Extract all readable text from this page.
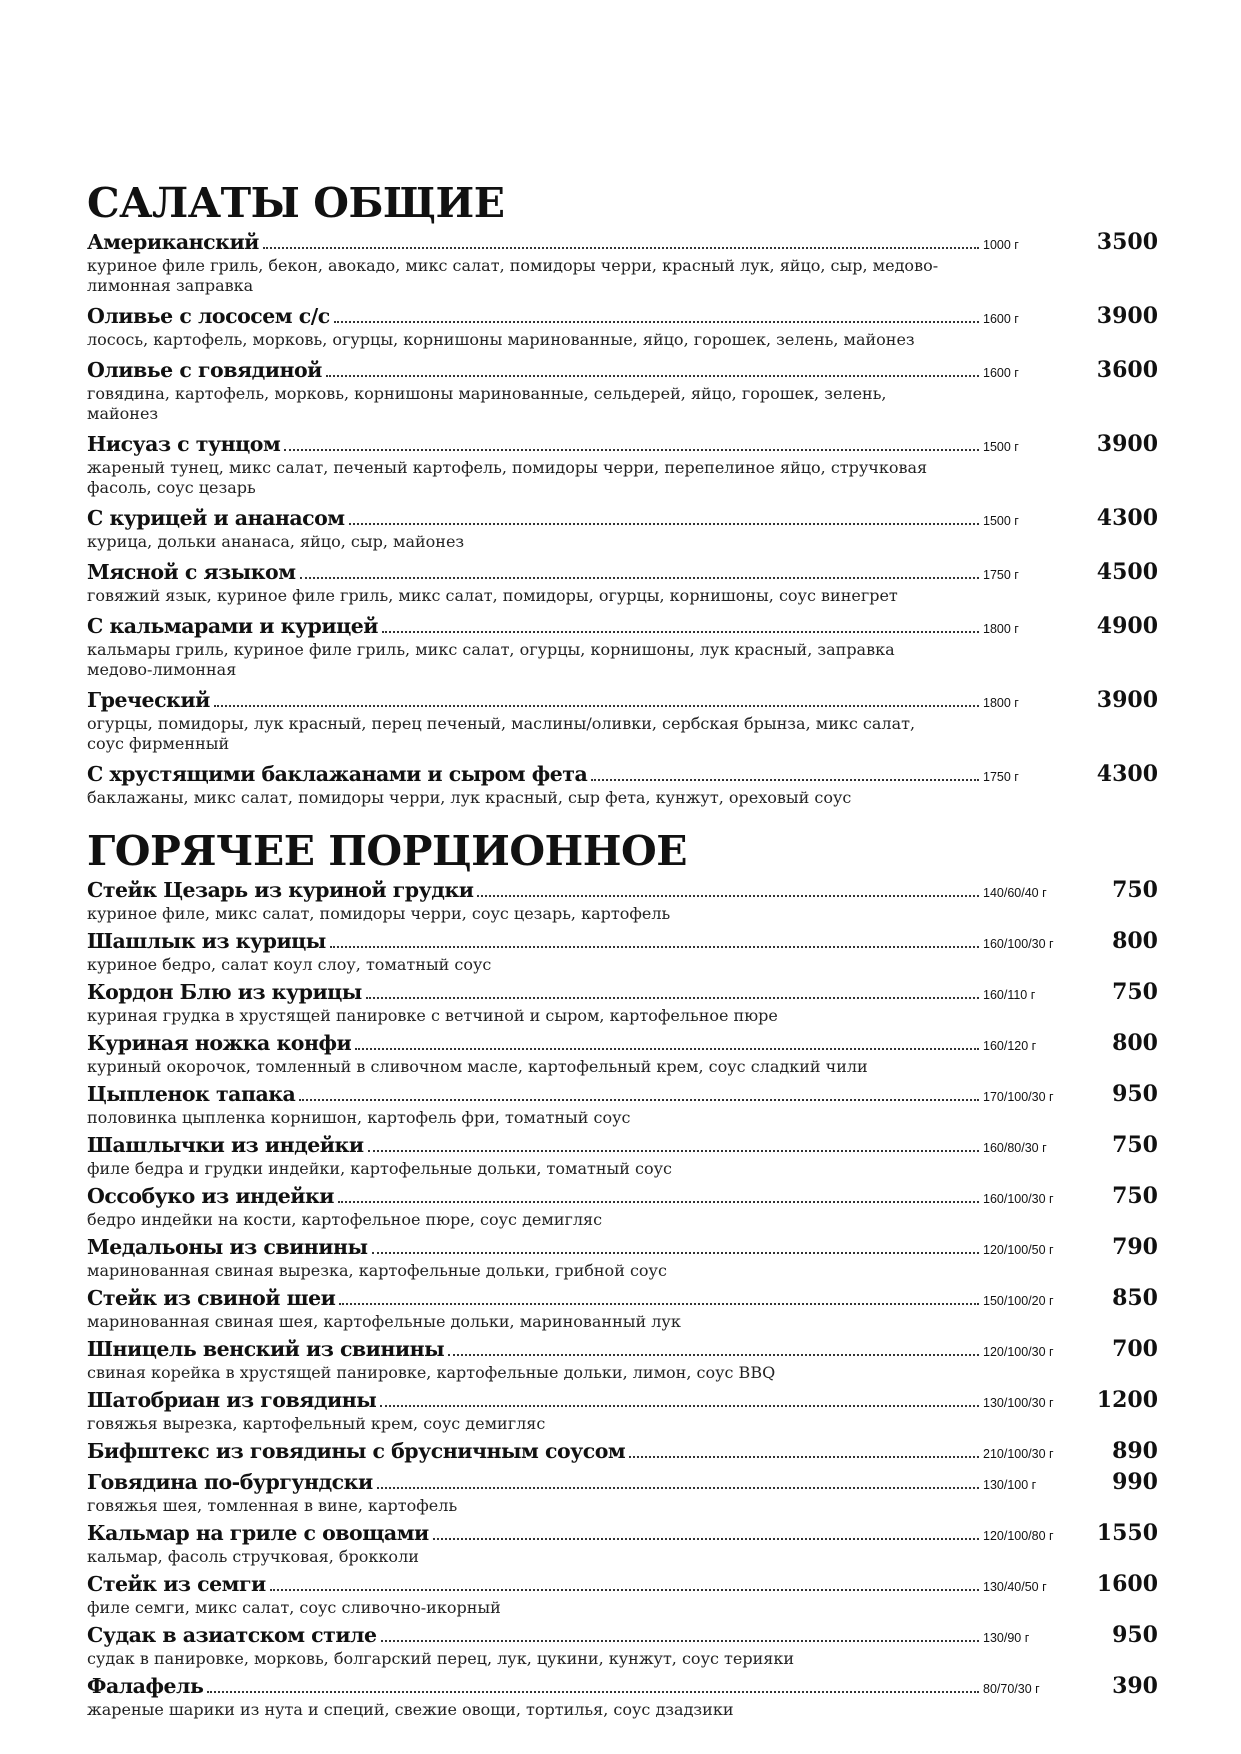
САЛАТЫ ОБЩИЕ
Американский	1000 г	3500
куриное филе гриль, бекон, авокадо, микс салат, помидоры черри, красный лук, яйцо, сыр, медово-лимонная заправка
Оливье с лососем с/с	1600 г	3900
лосось, картофель, морковь, огурцы, корнишоны маринованные, яйцо, горошек, зелень, майонез
Оливье с говядиной	1600 г	3600
говядина, картофель, морковь, корнишоны маринованные, сельдерей, яйцо, горошек, зелень, майонез
Нисуаз с тунцом	1500 г	3900
жареный тунец, микс салат, печеный картофель, помидоры черри, перепелиное яйцо, стручковая фасоль, соус цезарь
С курицей и ананасом	1500 г	4300
курица, дольки ананаса, яйцо, сыр, майонез
Мясной с языком	1750 г	4500
говяжий язык, куриное филе гриль, микс салат, помидоры, огурцы, корнишоны, соус винегрет
С кальмарами и курицей	1800 г	4900
кальмары гриль, куриное филе гриль, микс салат, огурцы, корнишоны, лук красный, заправка медово-лимонная
Греческий	1800 г	3900
огурцы, помидоры, лук красный, перец печеный, маслины/оливки, сербская брынза, микс салат, соус фирменный
С хрустящими баклажанами и сыром фета	1750 г	4300
баклажаны, микс салат, помидоры черри, лук красный, сыр фета, кунжут, ореховый соус
ГОРЯЧЕЕ ПОРЦИОННОЕ
Стейк Цезарь из куриной грудки	140/60/40 г	750
куриное филе, микс салат, помидоры черри, соус цезарь, картофель
Шашлык из курицы	160/100/30 г	800
куриное бедро, салат коул слоу, томатный соус
Кордон Блю из курицы	160/110 г	750
куриная грудка в хрустящей панировке с ветчиной и сыром, картофельное пюре
Куриная ножка конфи	160/120 г	800
куриный окорочок, томленный в сливочном масле, картофельный крем, соус сладкий чили
Цыпленок тапака	170/100/30 г	950
половинка цыпленка корнишон, картофель фри, томатный соус
Шашлычки из индейки	160/80/30 г	750
филе бедра и грудки индейки, картофельные дольки, томатный соус
Оссобуко из индейки	160/100/30 г	750
бедро индейки на кости, картофельное пюре, соус демигляс
Медальоны из свинины	120/100/50 г	790
маринованная свиная вырезка, картофельные дольки, грибной соус
Стейк из свиной шеи	150/100/20 г	850
маринованная свиная шея, картофельные дольки, маринованный лук
Шницель венский из свинины	120/100/30 г	700
свиная корейка в хрустящей панировке, картофельные дольки, лимон, соус BBQ
Шатобриан из говядины	130/100/30 г	1200
говяжья вырезка, картофельный крем, соус демигляс
Бифштекс из говядины с брусничным соусом	210/100/30 г	890
Говядина по-бургундски	130/100 г	990
говяжья шея, томленная в вине, картофель
Кальмар на гриле с овощами	120/100/80 г	1550
кальмар, фасоль стручковая, брокколи
Стейк из семги	130/40/50 г	1600
филе семги, микс салат, соус сливочно-икорный
Судак в азиатском стиле	130/90 г	950
судак в панировке, морковь, болгарский перец, лук, цукини, кунжут, соус терияки
Фалафель	80/70/30 г	390
жареные шарики из нута и специй, свежие овощи, тортилья, соус дзадзики
